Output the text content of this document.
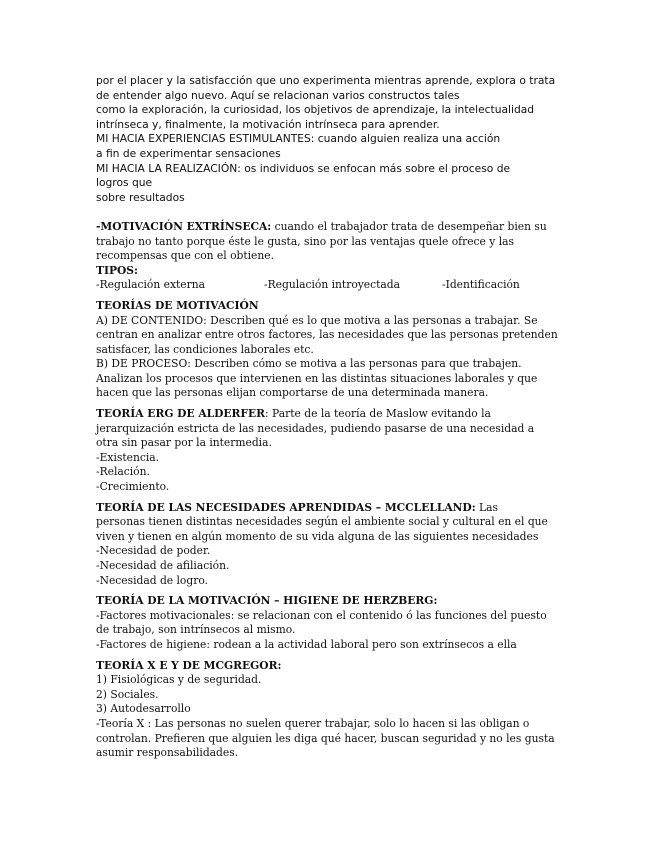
por el placer y la satisfacción que uno experimenta mientras aprende, explora o trata

de entender algo nuevo. Aquí se relacionan varios constructos tales

como la exploración, la curiosidad, los objetivos de aprendizaje, la intelectualidad

intrínseca y, finalmente, la motivación intrínseca para aprender.

MI HACIA EXPERIENCIAS ESTIMULANTES: cuando alguien realiza una acción

a fin de experimentar sensaciones

MI HACIA LA REALIZACIÓN: os individuos se enfocan más sobre el proceso de

logros que

sobre resultados

-MOTIVACIÓN EXTRÍNSECA: cuando el trabajador trata de desempeñar bien su

trabajo no tanto porque éste le gusta, sino por las ventajas quele ofrece y las

recompensas que con el obtiene.

TIPOS:

-Regulación externa	-Regulación introyectada	-Identificación

TEORÍAS DE MOTIVACIÓN

A) DE CONTENIDO: Describen qué es lo que motiva a las personas a trabajar. Se

centran en analizar entre otros factores, las necesidades que las personas pretenden

satisfacer, las condiciones laborales etc.

B) DE PROCESO: Describen cómo se motiva a las personas para que trabajen.

Analizan los procesos que intervienen en las distintas situaciones laborales y que

hacen que las personas elijan comportarse de una determinada manera.

TEORÍA ERG DE ALDERFER: Parte de la teoría de Maslow evitando la

jerarquización estricta de las necesidades, pudiendo pasarse de una necesidad a

otra sin pasar por la intermedia.

-Existencia.

-Relación.

-Crecimiento.

TEORÍA DE LAS NECESIDADES APRENDIDAS – MCCLELLAND: Las

personas tienen distintas necesidades según el ambiente social y cultural en el que

viven y tienen en algún momento de su vida alguna de las siguientes necesidades

-Necesidad de poder.

-Necesidad de afiliación.

-Necesidad de logro.

TEORÍA DE LA MOTIVACIÓN – HIGIENE DE HERZBERG:

-Factores motivacionales: se relacionan con el contenido ó las funciones del puesto

de trabajo, son intrínsecos al mismo.

-Factores de higiene: rodean a la actividad laboral pero son extrínsecos a ella

TEORÍA X E Y DE MCGREGOR:

1) Fisiológicas y de seguridad.

2) Sociales.

3) Autodesarrollo

-Teoría X : Las personas no suelen querer trabajar, solo lo hacen si las obligan o

controlan. Prefieren que alguien les diga qué hacer, buscan seguridad y no les gusta

asumir responsabilidades.
